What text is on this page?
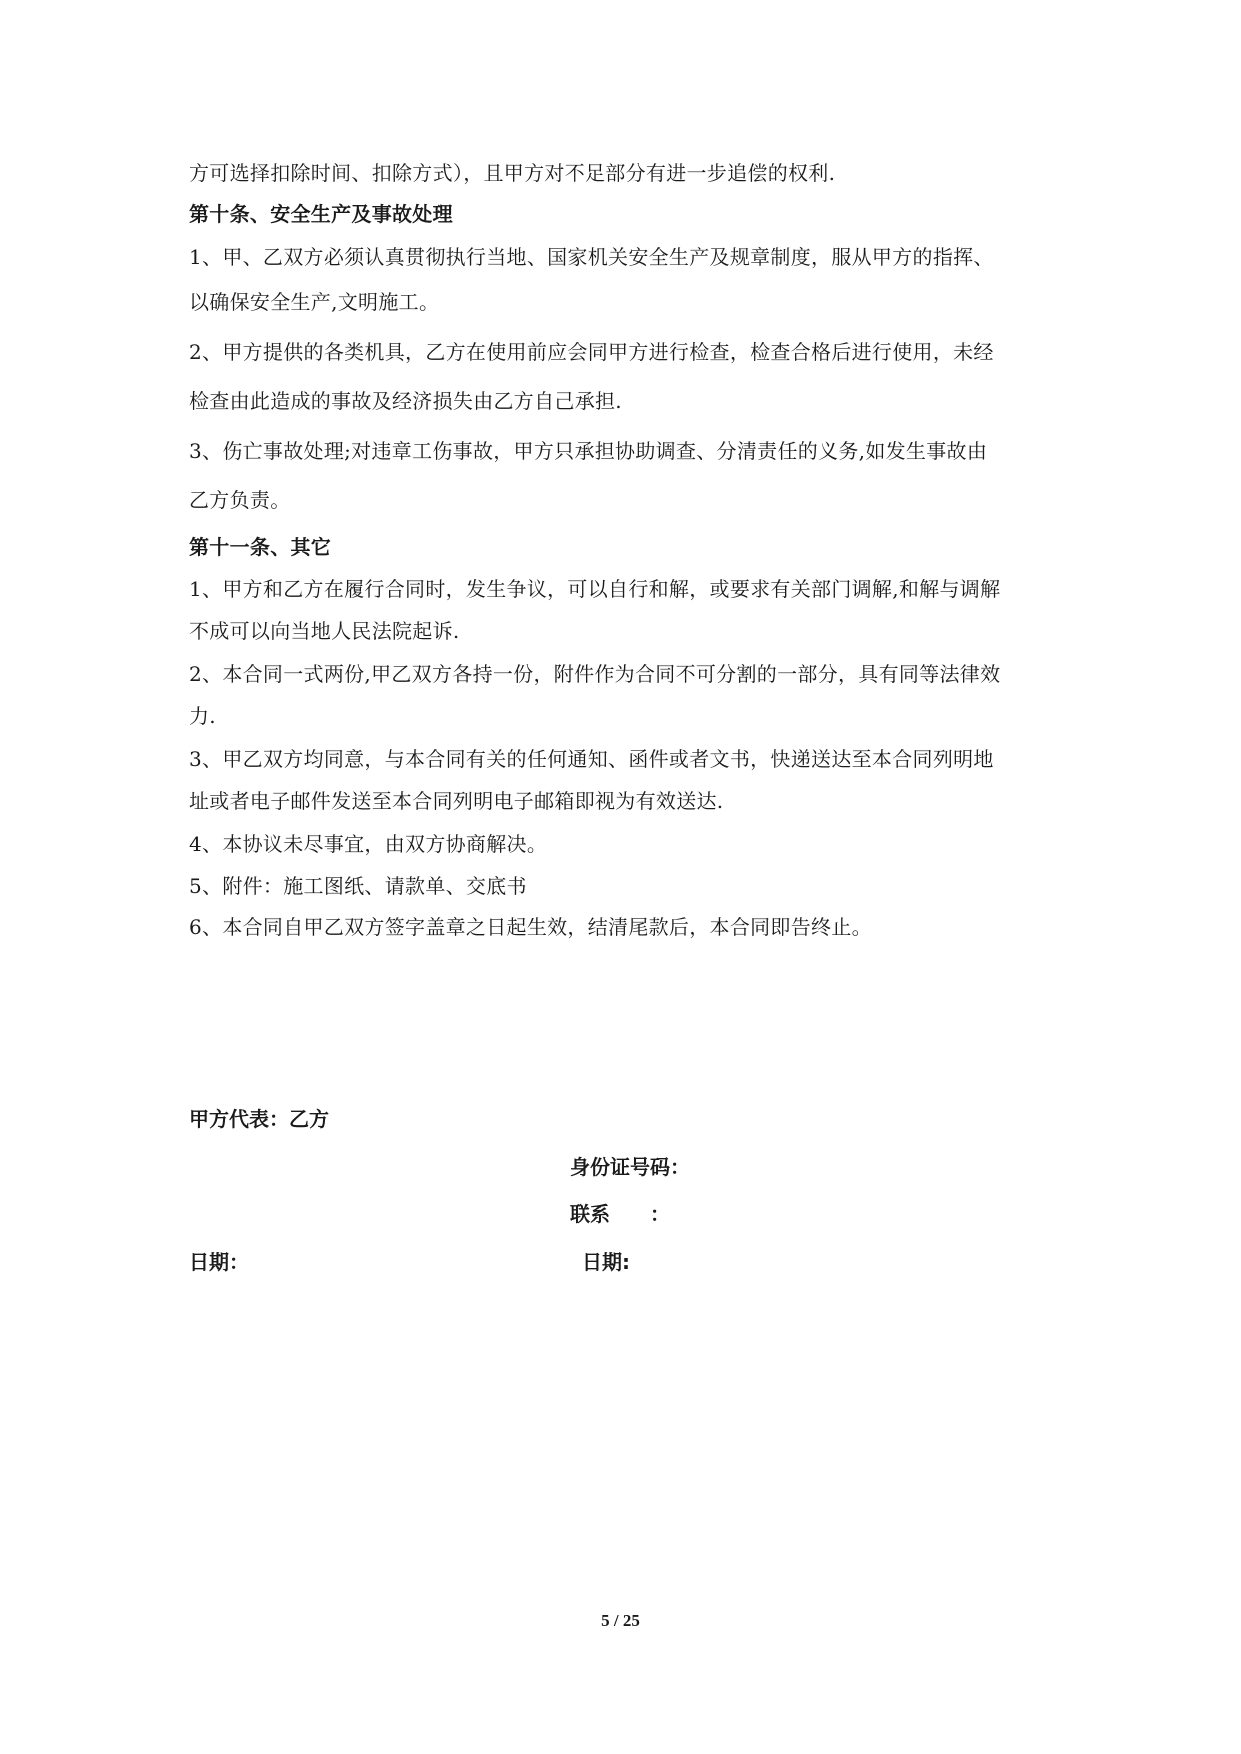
方可选择扣除时间、扣除方式），且甲方对不足部分有进一步追偿的权利.
第十条、安全生产及事故处理
1、甲、乙双方必须认真贯彻执行当地、国家机关安全生产及规章制度，服从甲方的指挥、
以确保安全生产,文明施工。
2、甲方提供的各类机具，乙方在使用前应会同甲方进行检查，检查合格后进行使用，未经
检查由此造成的事故及经济损失由乙方自己承担.
3、伤亡事故处理;对违章工伤事故，甲方只承担协助调查、分清责任的义务,如发生事故由
乙方负责。
第十一条、其它
1、甲方和乙方在履行合同时，发生争议，可以自行和解，或要求有关部门调解,和解与调解
不成可以向当地人民法院起诉.
2、本合同一式两份,甲乙双方各持一份，附件作为合同不可分割的一部分，具有同等法律效
力.
3、甲乙双方均同意，与本合同有关的任何通知、函件或者文书，快递送达至本合同列明地
址或者电子邮件发送至本合同列明电子邮箱即视为有效送达.
4、本协议未尽事宜，由双方协商解决。
5、附件：施工图纸、请款单、交底书
6、本合同自甲乙双方签字盖章之日起生效，结清尾款后，本合同即告终止。
甲方代表：乙方
身份证号码：
联系　　：
日期：	日期:
5 / 25
